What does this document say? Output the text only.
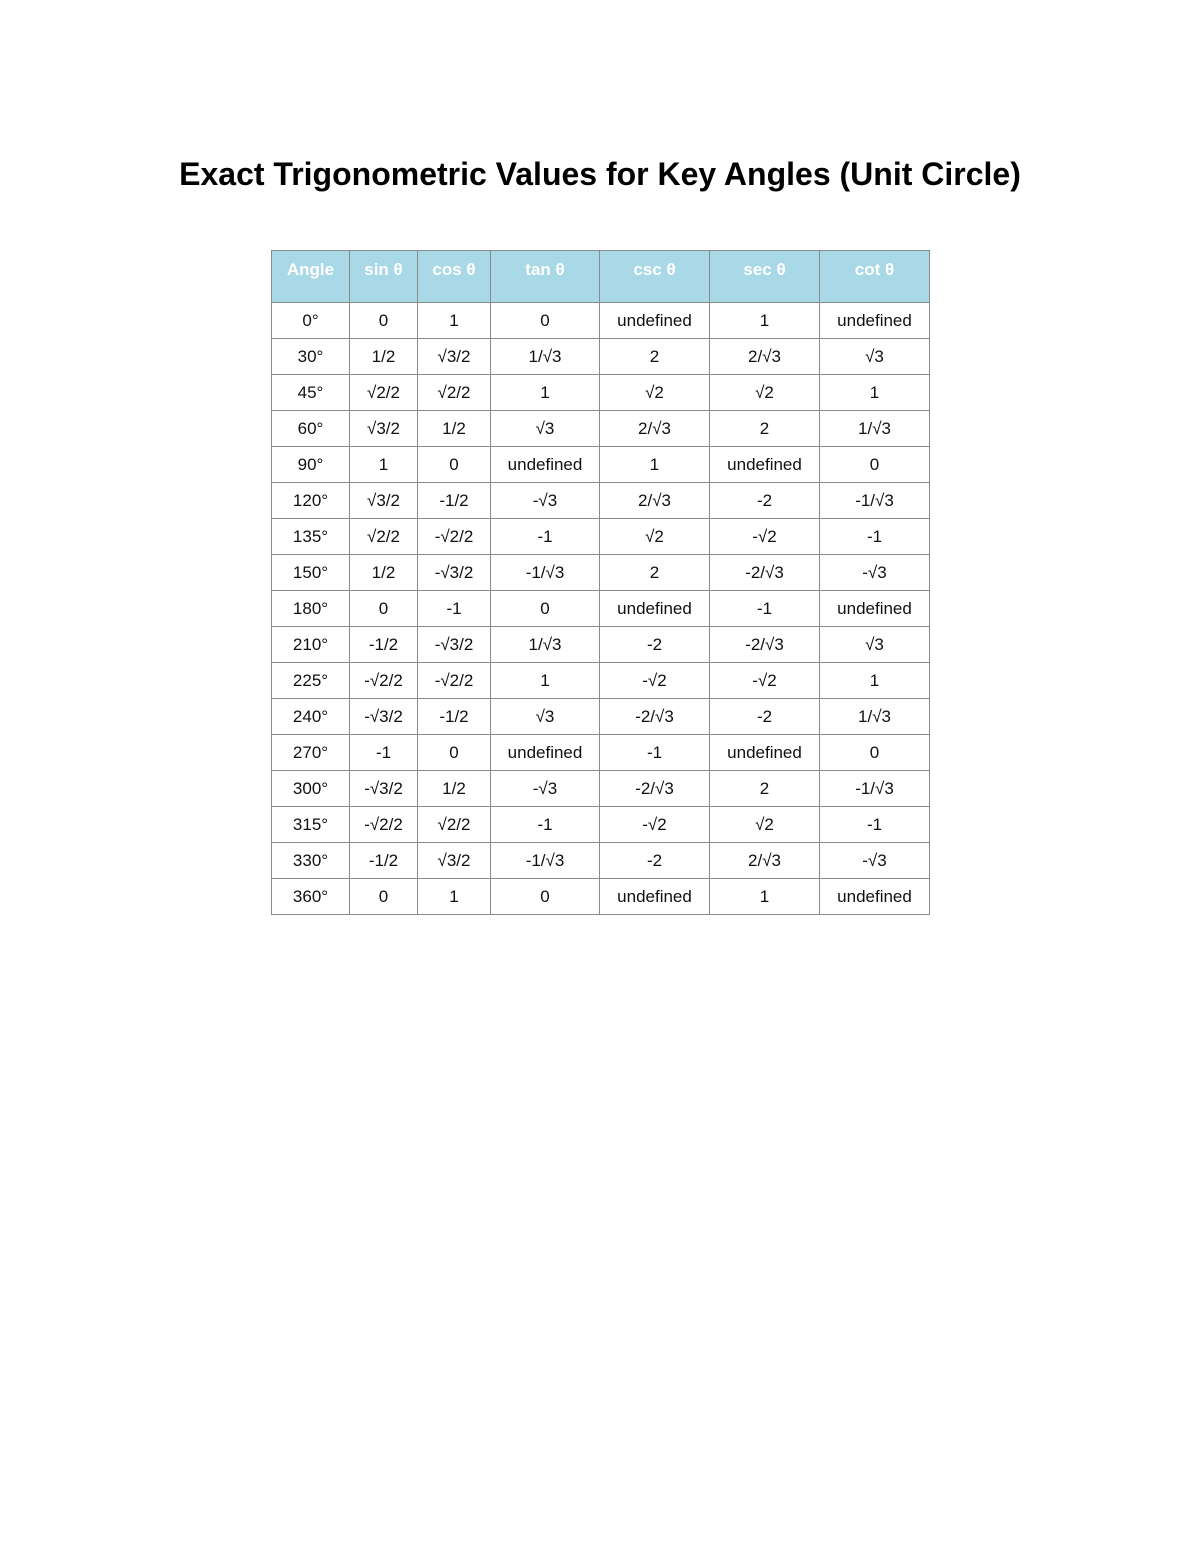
Exact Trigonometric Values for Key Angles (Unit Circle)
Angle	sin θ	cos θ	tan θ	csc θ	sec θ	cot θ
0°	0	1	0	undefined	1	undefined
30°	1/2	√3/2	1/√3	2	2/√3	√3
45°	√2/2	√2/2	1	√2	√2	1
60°	√3/2	1/2	√3	2/√3	2	1/√3
90°	1	0	undefined	1	undefined	0
120°	√3/2	-1/2	-√3	2/√3	-2	-1/√3
135°	√2/2	-√2/2	-1	√2	-√2	-1
150°	1/2	-√3/2	-1/√3	2	-2/√3	-√3
180°	0	-1	0	undefined	-1	undefined
210°	-1/2	-√3/2	1/√3	-2	-2/√3	√3
225°	-√2/2	-√2/2	1	-√2	-√2	1
240°	-√3/2	-1/2	√3	-2/√3	-2	1/√3
270°	-1	0	undefined	-1	undefined	0
300°	-√3/2	1/2	-√3	-2/√3	2	-1/√3
315°	-√2/2	√2/2	-1	-√2	√2	-1
330°	-1/2	√3/2	-1/√3	-2	2/√3	-√3
360°	0	1	0	undefined	1	undefined
